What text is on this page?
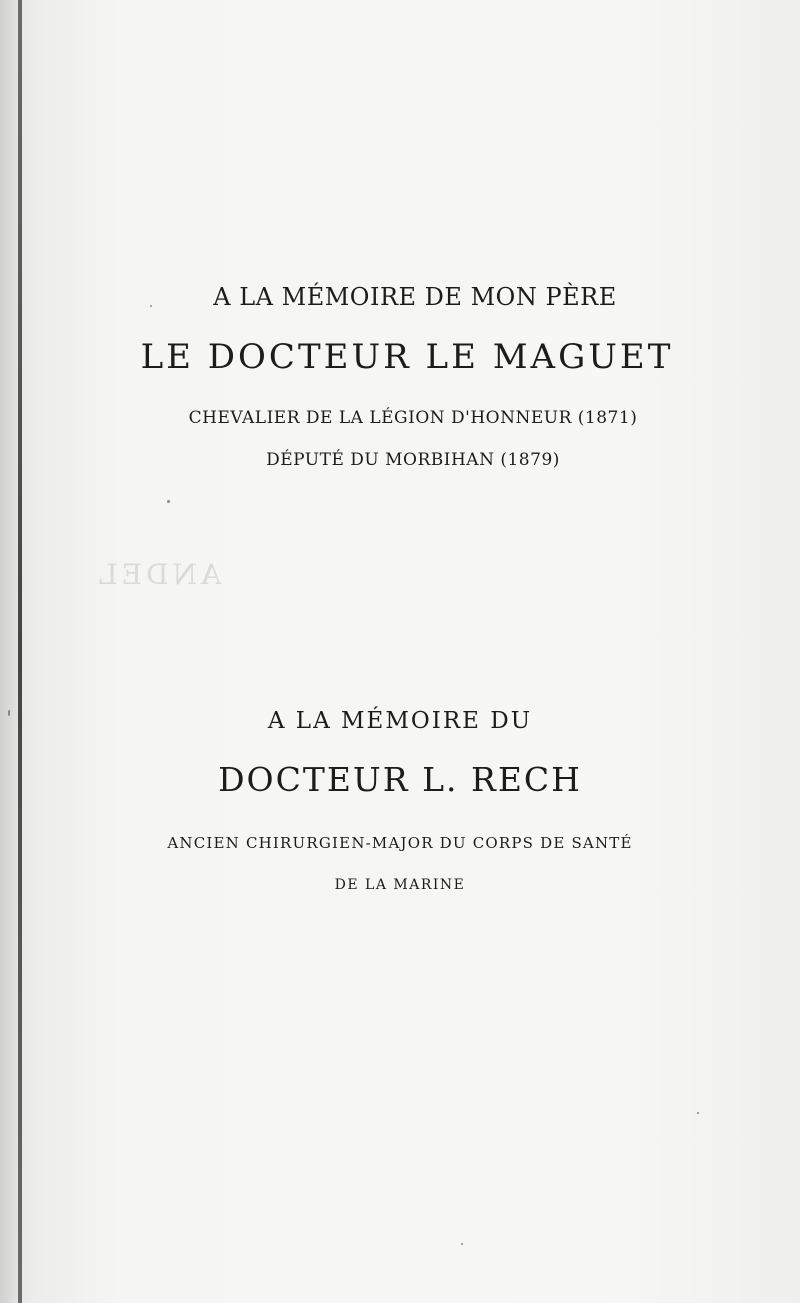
A LA MÉMOIRE DE MON PÈRE
LE DOCTEUR LE MAGUET
CHEVALIER DE LA LÉGION D'HONNEUR (1871)
DÉPUTÉ DU MORBIHAN (1879)
ANDEL
A LA MÉMOIRE DU
DOCTEUR L. RECH
ANCIEN CHIRURGIEN-MAJOR DU CORPS DE SANTÉ
DE LA MARINE
